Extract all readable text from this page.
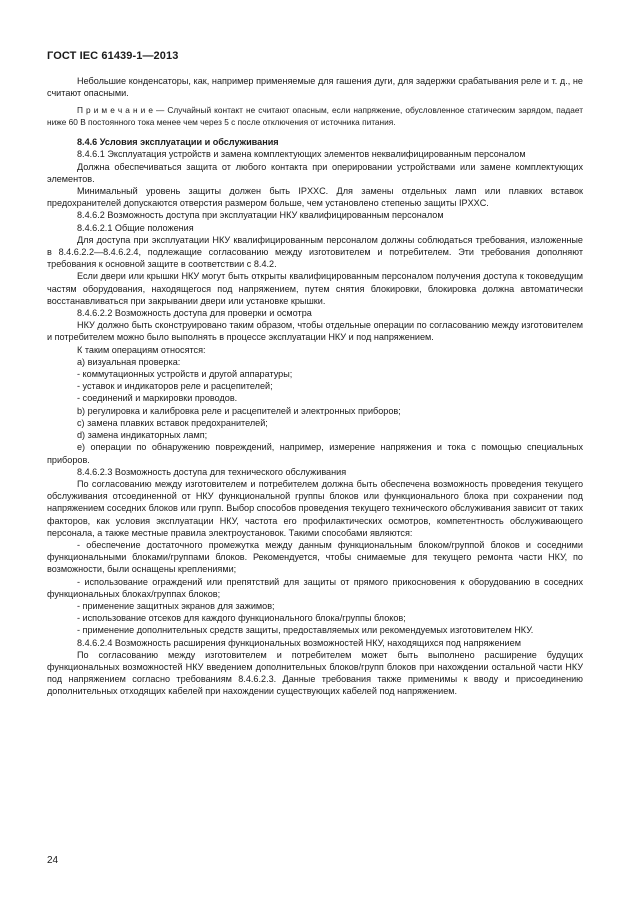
ГОСТ IEC 61439-1—2013

Небольшие конденсаторы, как, например применяемые для гашения дуги, для задержки срабатывания реле и т. д., не считают опасными.

П р и м е ч а н и е — Случайный контакт не считают опасным, если напряжение, обусловленное статическим зарядом, падает ниже 60 В постоянного тока менее чем через 5 с после отключения от источника питания.

8.4.6 Условия эксплуатации и обслуживания

8.4.6.1 Эксплуатация устройств и замена комплектующих элементов неквалифицированным персоналом

Должна обеспечиваться защита от любого контакта при оперировании устройствами или замене комплектующих элементов.

Минимальный уровень защиты должен быть IPXXC. Для замены отдельных ламп или плавких вставок предохранителей допускаются отверстия размером больше, чем установлено степенью защиты IPXXC.

8.4.6.2 Возможность доступа при эксплуатации НКУ квалифицированным персоналом

8.4.6.2.1 Общие положения

Для доступа при эксплуатации НКУ квалифицированным персоналом должны соблюдаться требования, изложенные в 8.4.6.2.2—8.4.6.2.4, подлежащие согласованию между изготовителем и потребителем. Эти требования дополняют требования к основной защите в соответствии с 8.4.2.

Если двери или крышки НКУ могут быть открыты квалифицированным персоналом получения доступа к токоведущим частям оборудования, находящегося под напряжением, путем снятия блокировки, блокировка должна автоматически восстанавливаться при закрывании двери или установке крышки.

8.4.6.2.2 Возможность доступа для проверки и осмотра

НКУ должно быть сконструировано таким образом, чтобы отдельные операции по согласованию между изготовителем и потребителем можно было выполнять в процессе эксплуатации НКУ и под напряжением.

К таким операциям относятся:

a) визуальная проверка:

- коммутационных устройств и другой аппаратуры;

- уставок и индикаторов реле и расцепителей;

- соединений и маркировки проводов.

b) регулировка и калибровка реле и расцепителей и электронных приборов;

c) замена плавких вставок предохранителей;

d) замена индикаторных ламп;

e) операции по обнаружению повреждений, например, измерение напряжения и тока с помощью специальных приборов.

8.4.6.2.3 Возможность доступа для технического обслуживания

По согласованию между изготовителем и потребителем должна быть обеспечена возможность проведения текущего обслуживания отсоединенной от НКУ функциональной группы блоков или функционального блока при сохранении под напряжением соседних блоков или групп. Выбор способов проведения текущего технического обслуживания зависит от таких факторов, как условия эксплуатации НКУ, частота его профилактических осмотров, компетентность обслуживающего персонала, а также местные правила электроустановок. Такими способами являются:

- обеспечение достаточного промежутка между данным функциональным блоком/группой блоков и соседними функциональными блоками/группами блоков. Рекомендуется, чтобы снимаемые для текущего ремонта части НКУ, по возможности, были оснащены креплениями;

- использование ограждений или препятствий для защиты от прямого прикосновения к оборудованию в соседних функциональных блоках/группах блоков;

- применение защитных экранов для зажимов;

- использование отсеков для каждого функционального блока/группы блоков;

- применение дополнительных средств защиты, предоставляемых или рекомендуемых изготовителем НКУ.

8.4.6.2.4 Возможность расширения функциональных возможностей НКУ, находящихся под напряжением

По согласованию между изготовителем и потребителем может быть выполнено расширение будущих функциональных возможностей НКУ введением дополнительных блоков/групп блоков при нахождении остальной части НКУ под напряжением согласно требованиям 8.4.6.2.3. Данные требования также применимы к вводу и присоединению дополнительных отходящих кабелей при нахождении существующих кабелей под напряжением.

24
